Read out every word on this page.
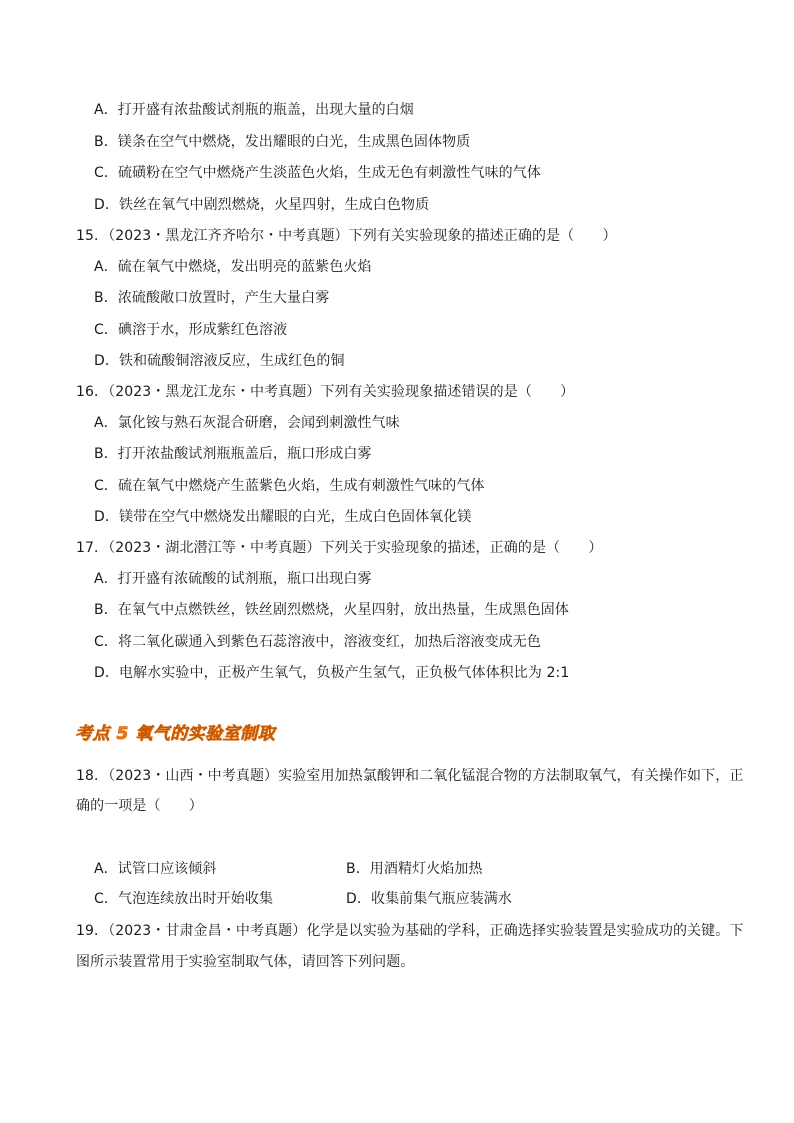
A．打开盛有浓盐酸试剂瓶的瓶盖，出现大量的白烟
B．镁条在空气中燃烧，发出耀眼的白光，生成黑色固体物质
C．硫磺粉在空气中燃烧产生淡蓝色火焰，生成无色有刺激性气味的气体
D．铁丝在氧气中剧烈燃烧，火星四射，生成白色物质
15．（2023・黑龙江齐齐哈尔・中考真题）下列有关实验现象的描述正确的是（　　）
A．硫在氧气中燃烧，发出明亮的蓝紫色火焰
B．浓硫酸敞口放置时，产生大量白雾
C．碘溶于水，形成紫红色溶液
D．铁和硫酸铜溶液反应，生成红色的铜
16．（2023・黑龙江龙东・中考真题）下列有关实验现象描述错误的是（　　）
A．氯化铵与熟石灰混合研磨，会闻到刺激性气味
B．打开浓盐酸试剂瓶瓶盖后，瓶口形成白雾
C．硫在氧气中燃烧产生蓝紫色火焰，生成有刺激性气味的气体
D．镁带在空气中燃烧发出耀眼的白光，生成白色固体氧化镁
17．（2023・湖北潜江等・中考真题）下列关于实验现象的描述，正确的是（　　）
A．打开盛有浓硫酸的试剂瓶，瓶口出现白雾
B．在氧气中点燃铁丝，铁丝剧烈燃烧，火星四射，放出热量，生成黑色固体
C．将二氧化碳通入到紫色石蕊溶液中，溶液变红，加热后溶液变成无色
D．电解水实验中，正极产生氧气，负极产生氢气，正负极气体体积比为 2:1
考点 5 氧气的实验室制取
18．（2023・山西・中考真题）实验室用加热氯酸钾和二氧化锰混合物的方法制取氧气，有关操作如下，正
确的一项是（　　）
A．试管口应该倾斜	B．用酒精灯火焰加热
C．气泡连续放出时开始收集	D．收集前集气瓶应装满水
19．（2023・甘肃金昌・中考真题）化学是以实验为基础的学科，正确选择实验装置是实验成功的关键。下
图所示装置常用于实验室制取气体，请回答下列问题。
